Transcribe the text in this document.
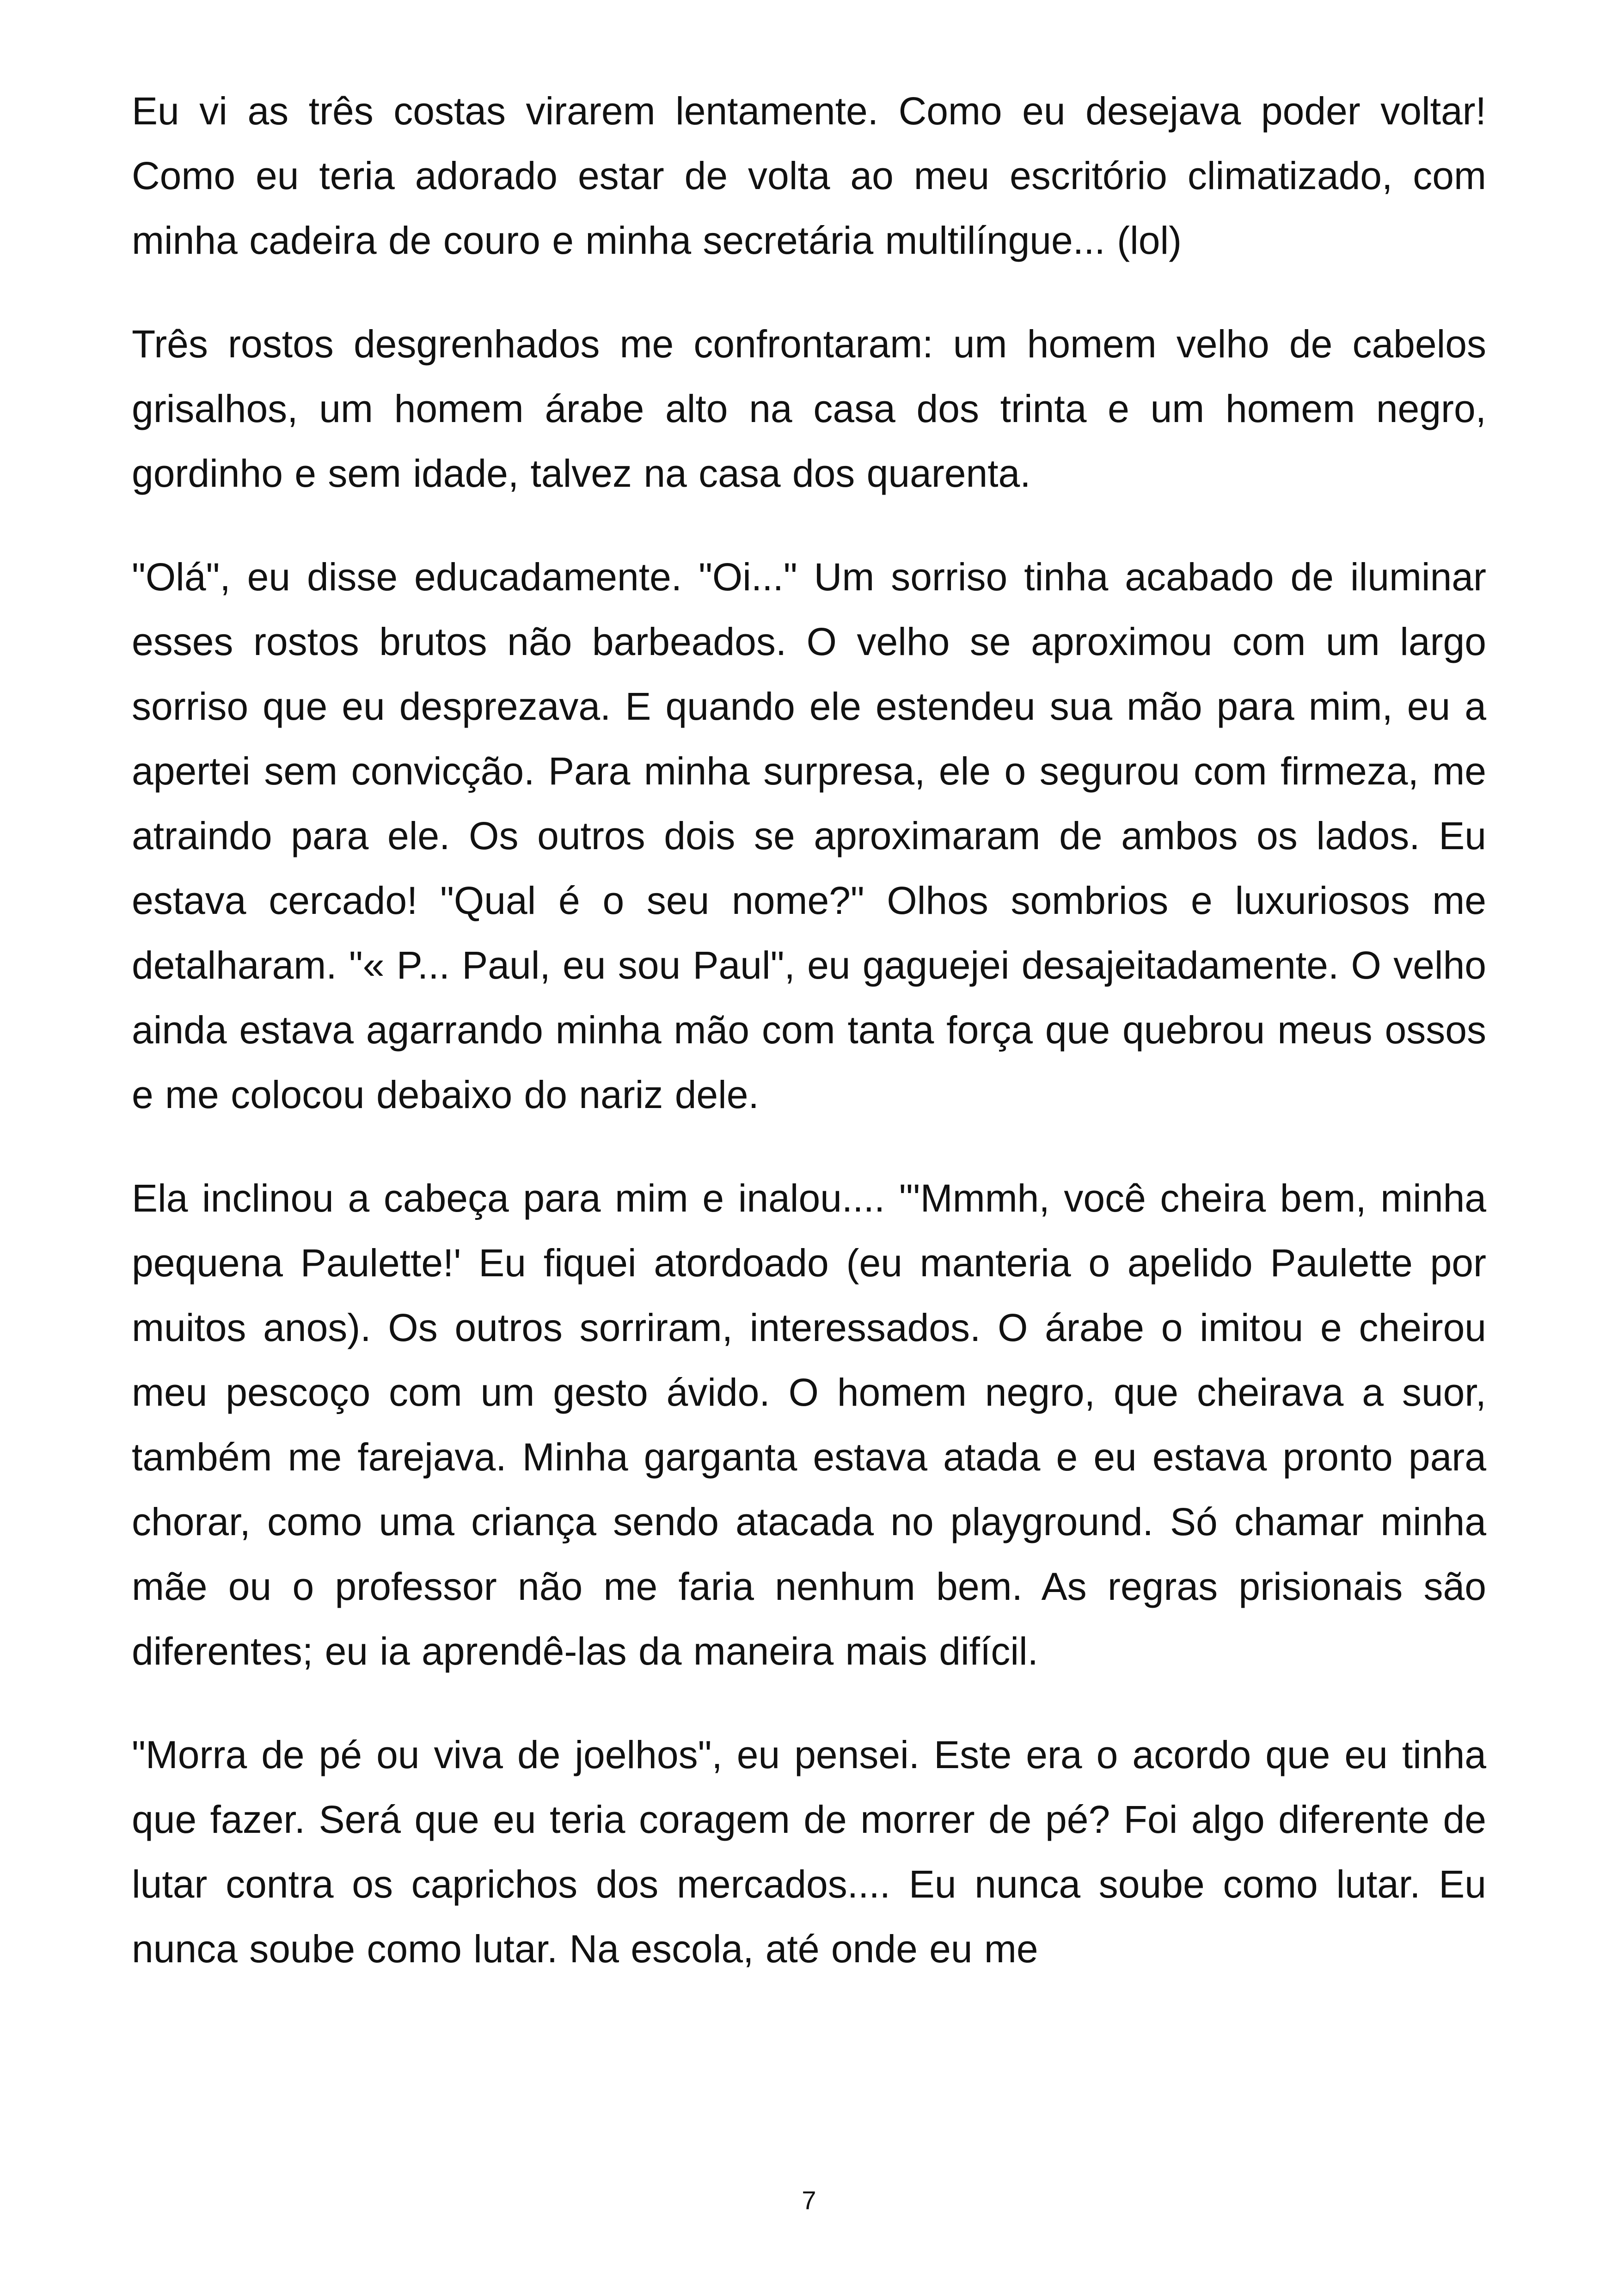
Eu vi as três costas virarem lentamente. Como eu desejava poder voltar! Como eu teria adorado estar de volta ao meu escritório climatizado, com minha cadeira de couro e minha secretária multilíngue... (lol)

Três rostos desgrenhados me confrontaram: um homem velho de cabelos grisalhos, um homem árabe alto na casa dos trinta e um homem negro, gordinho e sem idade, talvez na casa dos quarenta.

"Olá", eu disse educadamente. "Oi..." Um sorriso tinha acabado de iluminar esses rostos brutos não barbeados. O velho se aproximou com um largo sorriso que eu desprezava. E quando ele estendeu sua mão para mim, eu a apertei sem convicção. Para minha surpresa, ele o segurou com firmeza, me atraindo para ele. Os outros dois se aproximaram de ambos os lados. Eu estava cercado! "Qual é o seu nome?" Olhos sombrios e luxuriosos me detalharam. "« P... Paul, eu sou Paul", eu gaguejei desajeitadamente. O velho ainda estava agarrando minha mão com tanta força que quebrou meus ossos e me colocou debaixo do nariz dele.

Ela inclinou a cabeça para mim e inalou.... "'Mmmh, você cheira bem, minha pequena Paulette!' Eu fiquei atordoado (eu manteria o apelido Paulette por muitos anos). Os outros sorriram, interessados. O árabe o imitou e cheirou meu pescoço com um gesto ávido. O homem negro, que cheirava a suor, também me farejava. Minha garganta estava atada e eu estava pronto para chorar, como uma criança sendo atacada no playground. Só chamar minha mãe ou o professor não me faria nenhum bem. As regras prisionais são diferentes; eu ia aprendê-las da maneira mais difícil.

"Morra de pé ou viva de joelhos", eu pensei. Este era o acordo que eu tinha que fazer. Será que eu teria coragem de morrer de pé? Foi algo diferente de lutar contra os caprichos dos mercados.... Eu nunca soube como lutar. Eu nunca soube como lutar. Na escola, até onde eu me

7
